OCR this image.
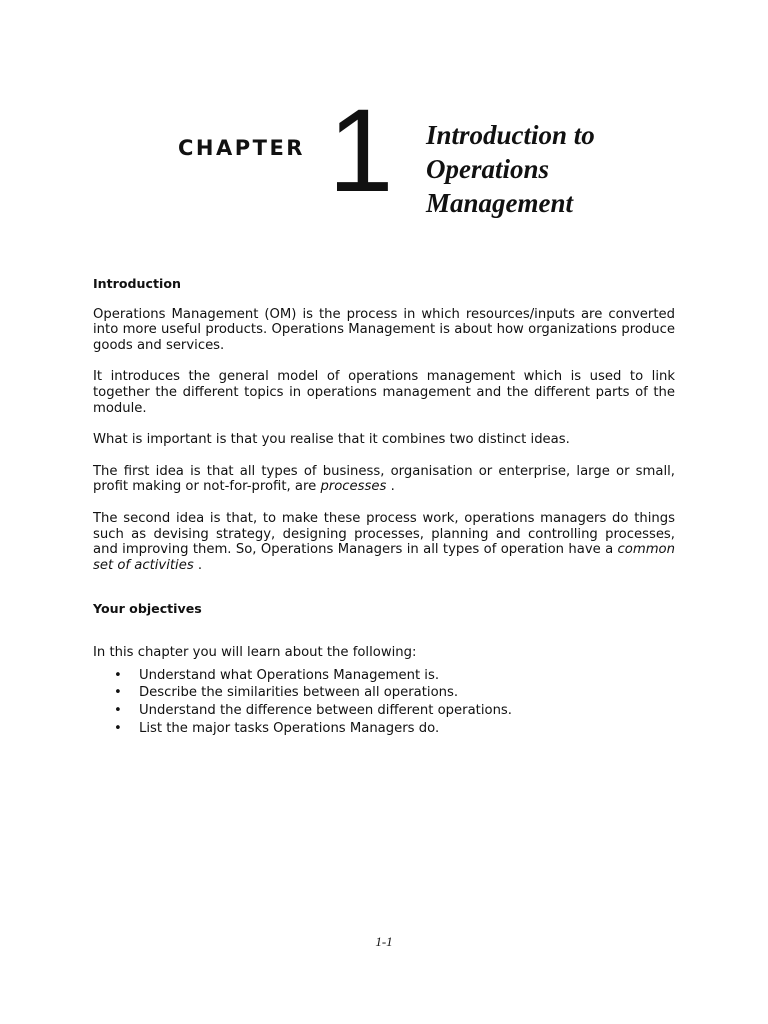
CHAPTER 1 Introduction to
Operations
Management

Introduction

Operations Management (OM) is the process in which resources/inputs are converted into more useful products. Operations Management is about how organizations produce goods and services.

It introduces the general model of operations management which is used to link together the different topics in operations management and the different parts of the module.

What is important is that you realise that it combines two distinct ideas.

The first idea is that all types of business, organisation or enterprise, large or small, profit making or not-for-profit, are processes .

The second idea is that, to make these process work, operations managers do things such as devising strategy, designing processes, planning and controlling processes, and improving them. So, Operations Managers in all types of operation have a common set of activities .

Your objectives

In this chapter you will learn about the following:

• Understand what Operations Management is.
• Describe the similarities between all operations.
• Understand the difference between different operations.
• List the major tasks Operations Managers do.
1-1
